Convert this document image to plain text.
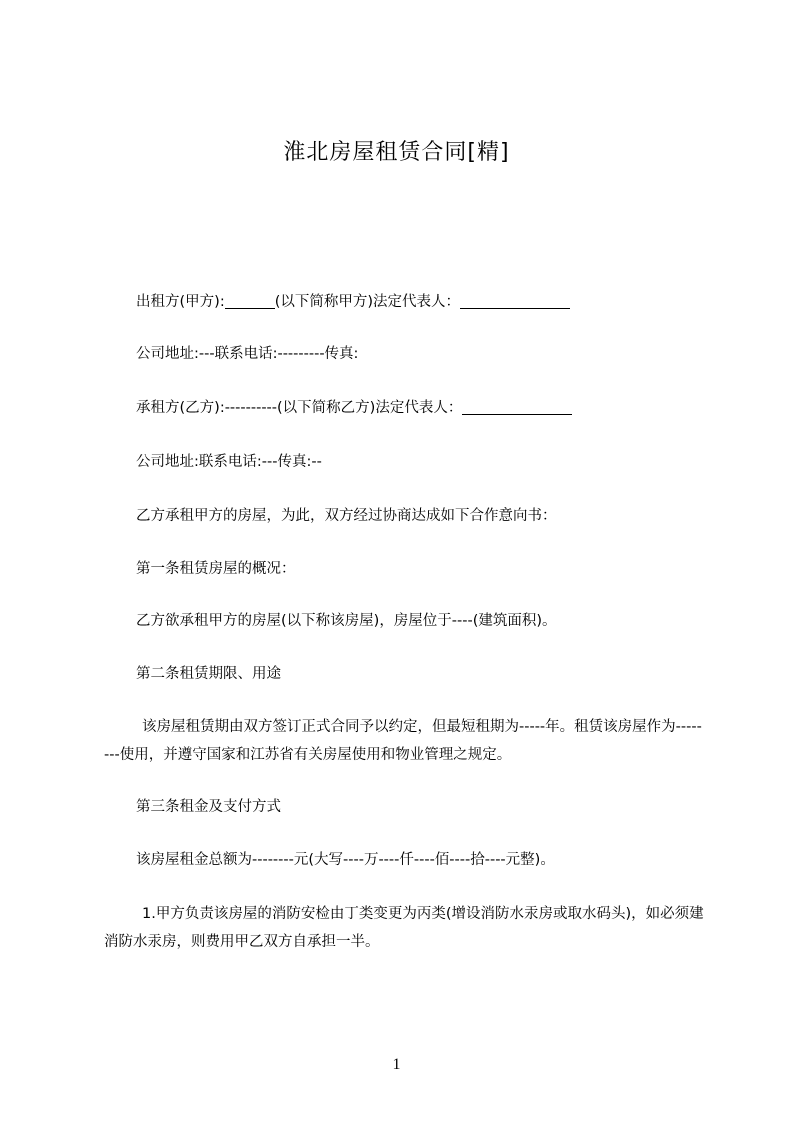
淮北房屋租赁合同[精]
出租方(甲方):	(以下简称甲方)法定代表人：
公司地址:---联系电话:---------传真:
承租方(乙方):----------(以下简称乙方)法定代表人：
公司地址:联系电话:---传真:--
乙方承租甲方的房屋，为此，双方经过协商达成如下合作意向书：
第一条租赁房屋的概况：
乙方欲承租甲方的房屋(以下称该房屋)，房屋位于----(建筑面积)。
第二条租赁期限、用途
该房屋租赁期由双方签订正式合同予以约定，但最短租期为-----年。租赁该房屋作为--------使用，并遵守国家和江苏省有关房屋使用和物业管理之规定。
第三条租金及支付方式
该房屋租金总额为--------元(大写----万----仟----佰----拾----元整)。
1.甲方负责该房屋的消防安检由丁类变更为丙类(增设消防水汞房或取水码头)，如必须建消防水汞房，则费用甲乙双方自承担一半。
1
